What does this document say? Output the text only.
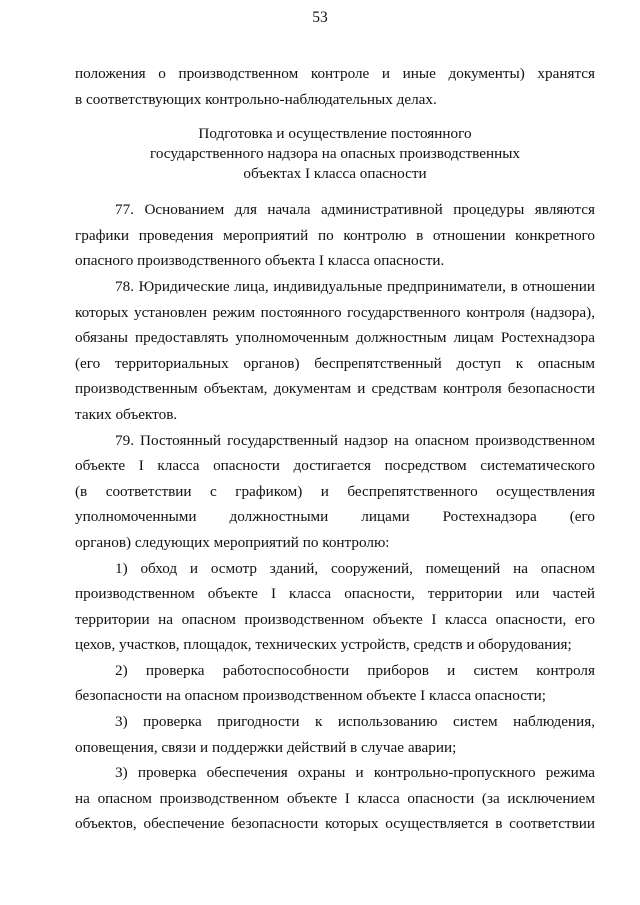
53
положения о производственном контроле и иные документы) хранятся
в соответствующих контрольно-наблюдательных делах.
Подготовка и осуществление постоянного
государственного надзора на опасных производственных
объектах I класса опасности
77. Основанием для начала административной процедуры являются
графики проведения мероприятий по контролю в отношении конкретного
опасного производственного объекта I класса опасности.
78. Юридические лица, индивидуальные предприниматели, в отношении
которых установлен режим постоянного государственного контроля (надзора),
обязаны предоставлять уполномоченным должностным лицам Ростехнадзора
(его территориальных органов) беспрепятственный доступ к опасным
производственным объектам, документам и средствам контроля безопасности
таких объектов.
79. Постоянный государственный надзор на опасном производственном
объекте I класса опасности достигается посредством систематического
(в соответствии с графиком) и беспрепятственного осуществления
уполномоченными должностными лицами Ростехнадзора (его
органов) следующих мероприятий по контролю:
1) обход и осмотр зданий, сооружений, помещений на опасном
производственном объекте I класса опасности, территории или частей
территории на опасном производственном объекте I класса опасности, его
цехов, участков, площадок, технических устройств, средств и оборудования;
2) проверка работоспособности приборов и систем контроля
безопасности на опасном производственном объекте I класса опасности;
3) проверка пригодности к использованию систем наблюдения,
оповещения, связи и поддержки действий в случае аварии;
3) проверка обеспечения охраны и контрольно-пропускного режима
на опасном производственном объекте I класса опасности (за исключением
объектов, обеспечение безопасности которых осуществляется в соответствии
